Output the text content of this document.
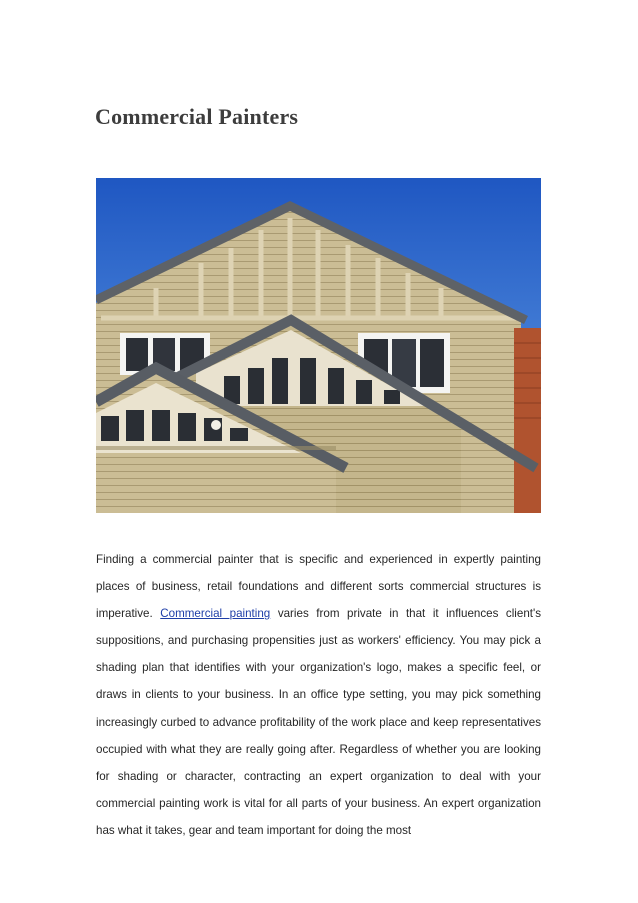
Commercial Painters

Finding a commercial painter that is specific and experienced in expertly painting places of business, retail foundations and different sorts commercial structures is imperative. Commercial painting varies from private in that it influences client's suppositions, and purchasing propensities just as workers' efficiency. You may pick a shading plan that identifies with your organization's logo, makes a specific feel, or draws in clients to your business. In an office type setting, you may pick something increasingly curbed to advance profitability of the work place and keep representatives occupied with what they are really going after. Regardless of whether you are looking for shading or character, contracting an expert organization to deal with your commercial painting work is vital for all parts of your business. An expert organization has what it takes, gear and team important for doing the most
